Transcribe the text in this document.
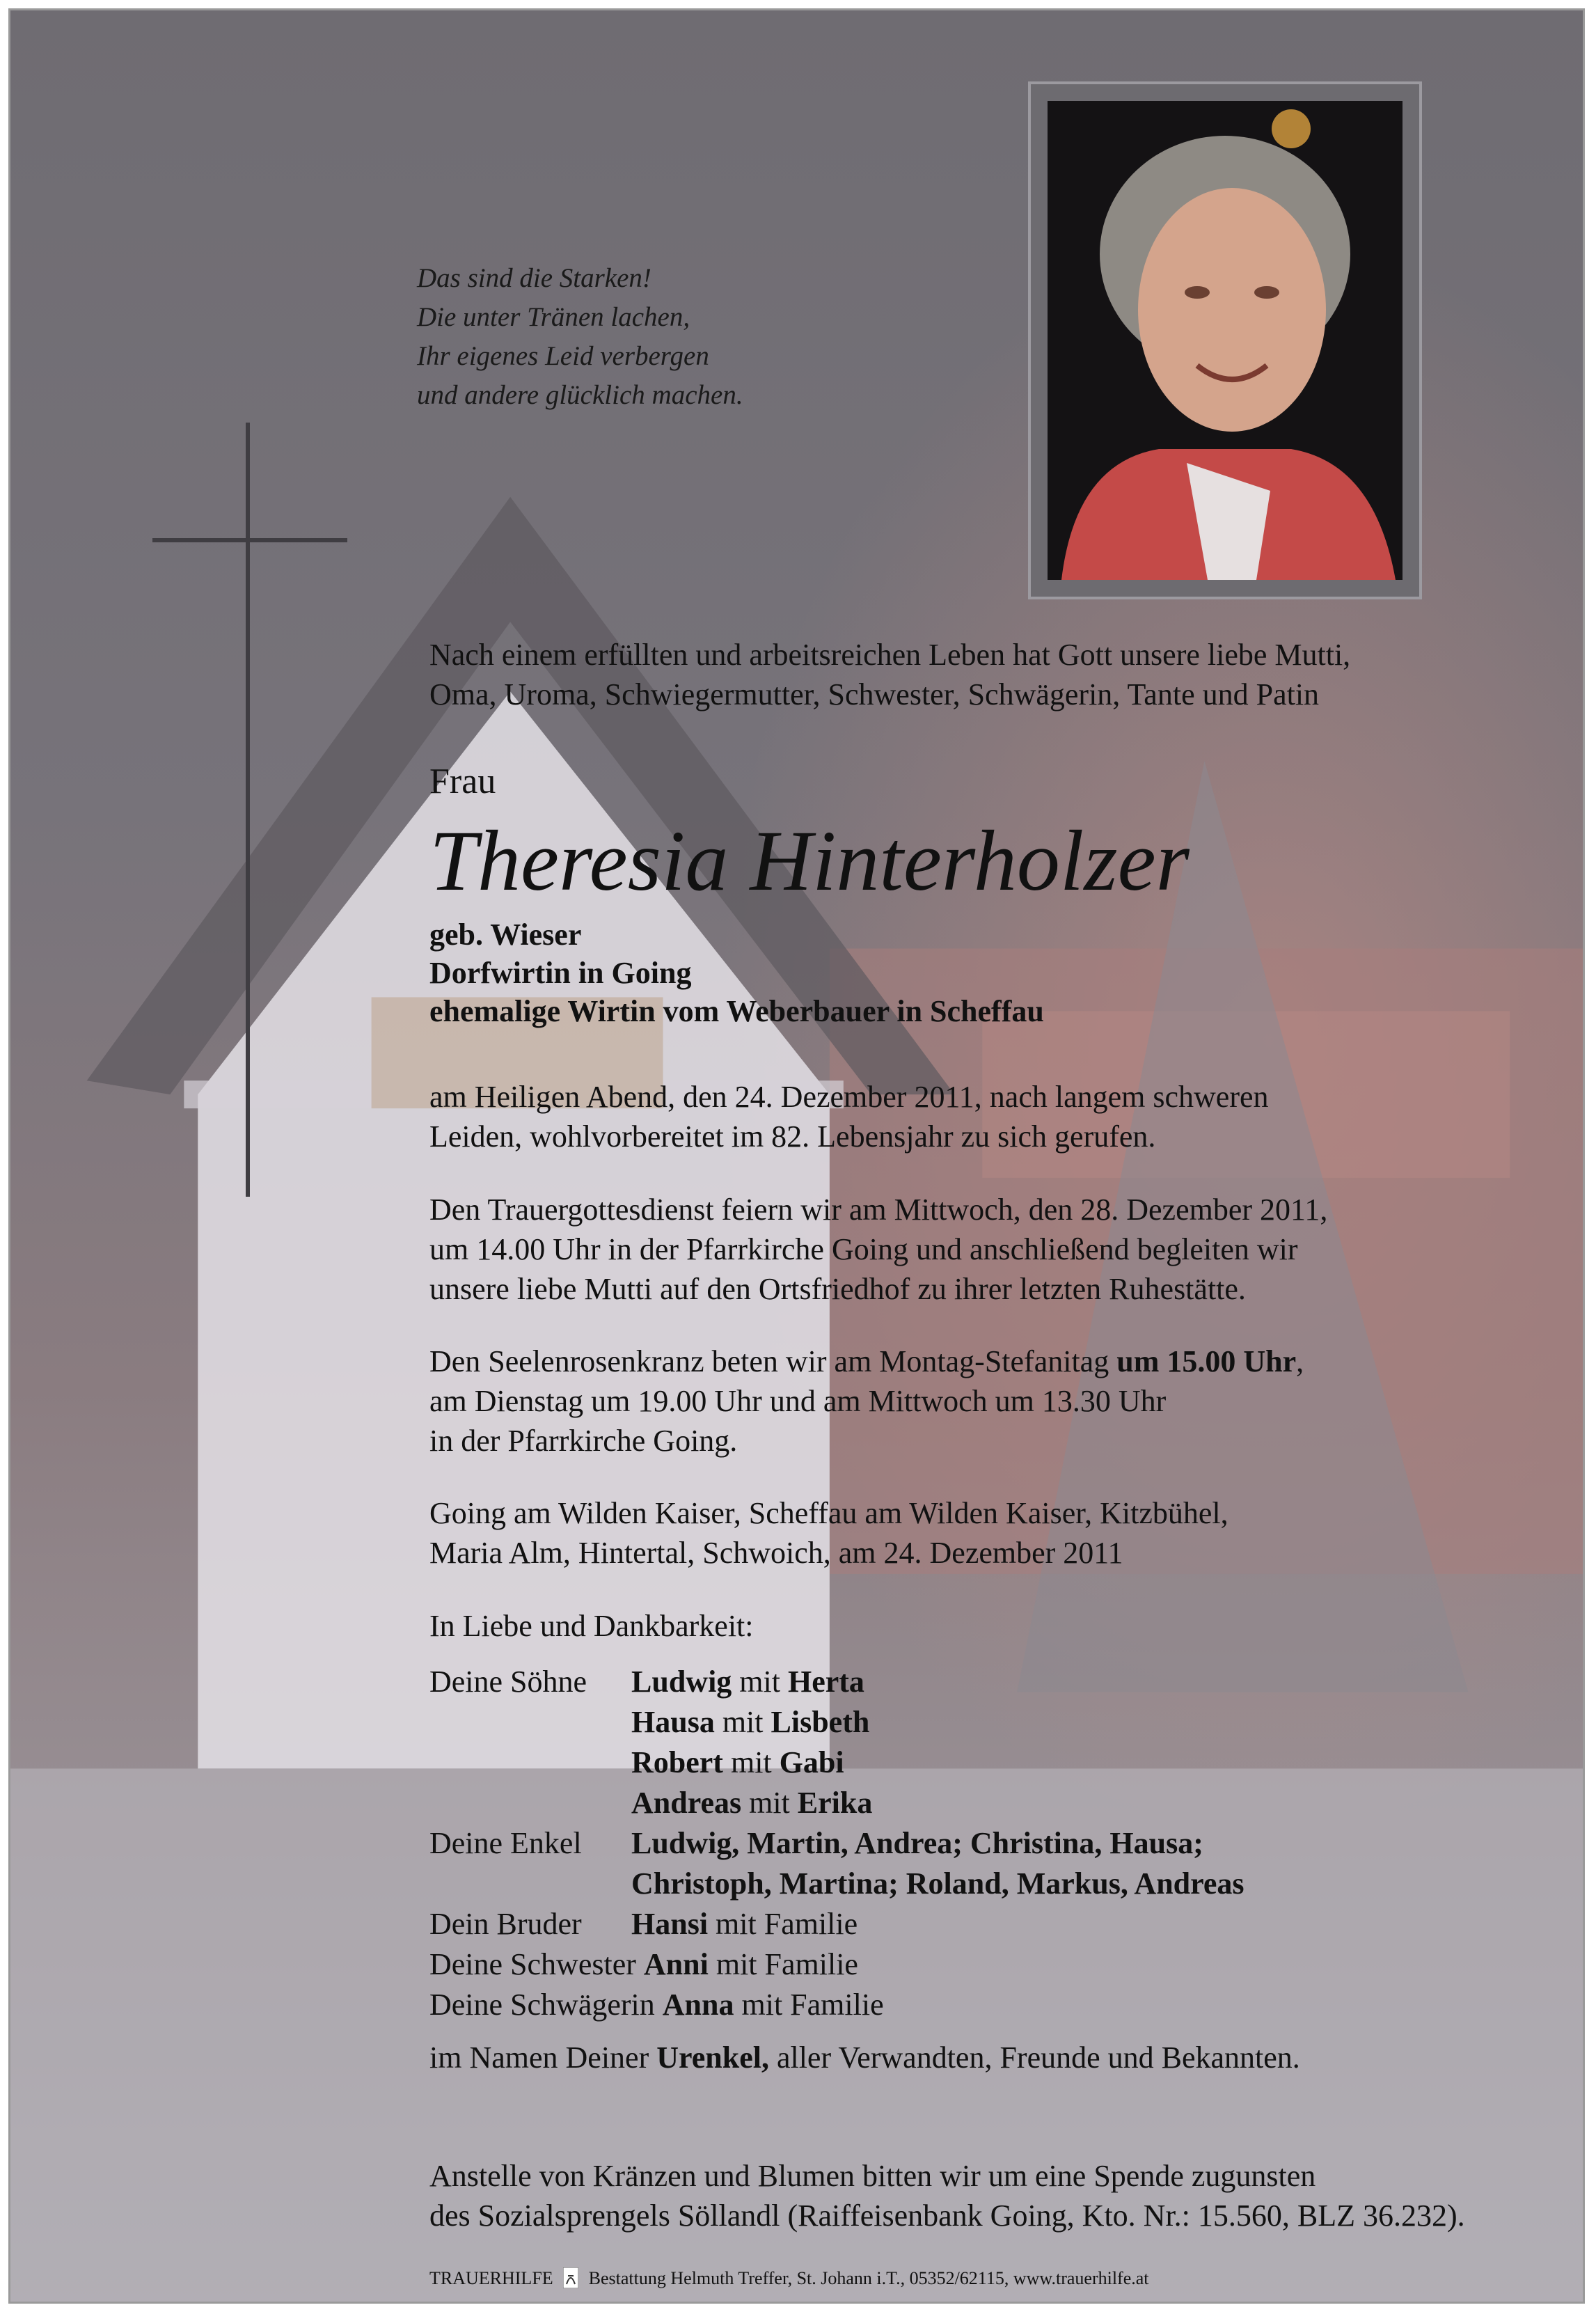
Das sind die Starken!
Die unter Tränen lachen,
Ihr eigenes Leid verbergen
und andere glücklich machen.
Nach einem erfüllten und arbeitsreichen Leben hat Gott unsere liebe Mutti,
Oma, Uroma, Schwiegermutter, Schwester, Schwägerin, Tante und Patin
Frau
Theresia Hinterholzer
geb. Wieser
Dorfwirtin in Going
ehemalige Wirtin vom Weberbauer in Scheffau
am Heiligen Abend, den 24. Dezember 2011, nach langem schweren
Leiden, wohlvorbereitet im 82. Lebensjahr zu sich gerufen.
Den Trauergottesdienst feiern wir am Mittwoch, den 28. Dezember 2011,
um 14.00 Uhr in der Pfarrkirche Going und anschließend begleiten wir
unsere liebe Mutti auf den Ortsfriedhof zu ihrer letzten Ruhestätte.
Den Seelenrosenkranz beten wir am Montag-Stefanitag um 15.00 Uhr,
am Dienstag um 19.00 Uhr und am Mittwoch um 13.30 Uhr
in der Pfarrkirche Going.
Going am Wilden Kaiser, Scheffau am Wilden Kaiser, Kitzbühel,
Maria Alm, Hintertal, Schwoich, am 24. Dezember 2011
In Liebe und Dankbarkeit:
Deine Söhne Ludwig mit Herta
Hausa mit Lisbeth
Robert mit Gabi
Andreas mit Erika
Deine Enkel Ludwig, Martin, Andrea; Christina, Hausa;
Christoph, Martina; Roland, Markus, Andreas
Dein Bruder Hansi mit Familie
Deine Schwester Anni mit Familie
Deine Schwägerin Anna mit Familie
im Namen Deiner Urenkel, aller Verwandten, Freunde und Bekannten.
Anstelle von Kränzen und Blumen bitten wir um eine Spende zugunsten
des Sozialsprengels Söllandl (Raiffeisenbank Going, Kto. Nr.: 15.560, BLZ 36.232).
TRAUERHILFE Bestattung Helmuth Treffer, St. Johann i.T., 05352/62115, www.trauerhilfe.at
